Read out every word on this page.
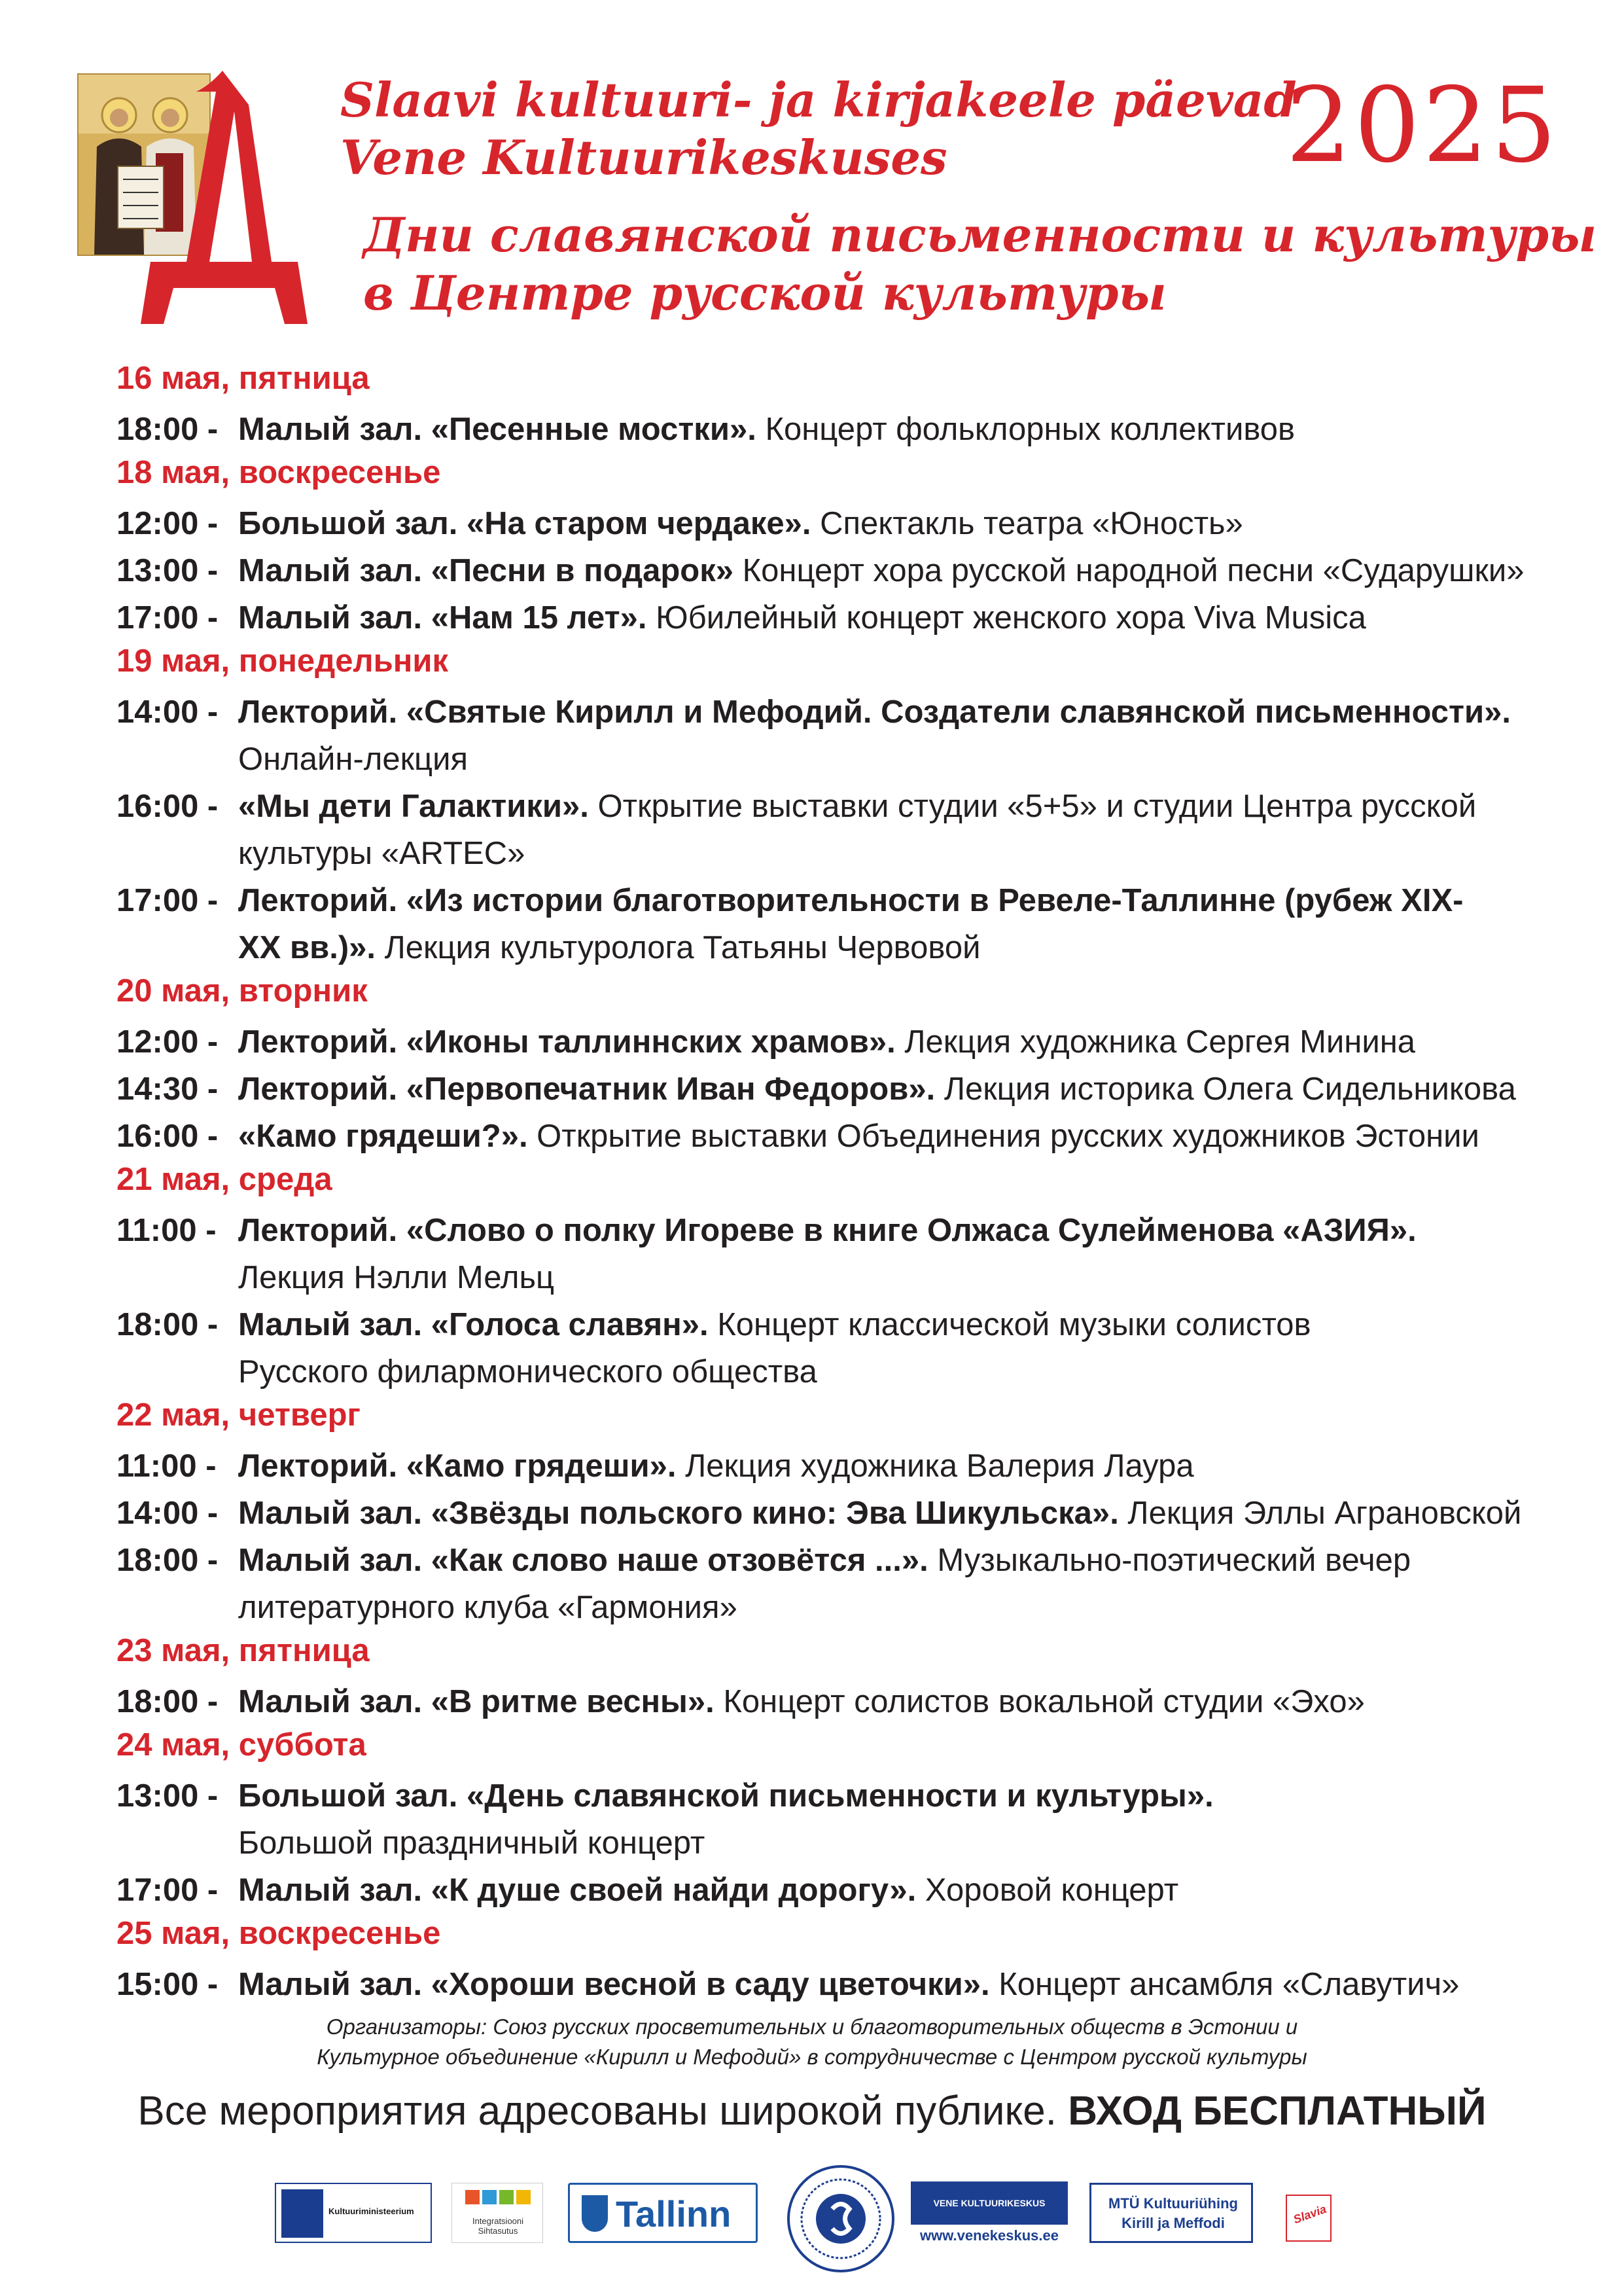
Slaavi kultuuri- ja kirjakeele päevad
Vene Kultuurikeskuses
Дни славянской письменности и культуры
в Центре русской культуры
2025
16 мая, пятница
18:00 -Малый зал. «Песенные мостки». Концерт фольклорных коллективов
18 мая, воскресенье
12:00 -Большой зал. «На старом чердаке». Спектакль театра «Юность»
13:00 -Малый зал. «Песни в подарок» Концерт хора русской народной песни «Сударушки»
17:00 -Малый зал. «Нам 15 лет». Юбилейный концерт женского хора Viva Musica
19 мая, понедельник
14:00 -Лекторий. «Святые Кирилл и Мефодий. Создатели славянской письменности».
Онлайн-лекция
16:00 -«Мы дети Галактики». Открытие выставки студии «5+5» и студии Центра русской
культуры «ARTEC»
17:00 -Лекторий. «Из истории благотворительности в Ревеле-Таллинне (рубеж XIX-
XX вв.)». Лекция культуролога Татьяны Червовой
20 мая, вторник
12:00 -Лекторий. «Иконы таллиннских храмов». Лекция художника Сергея Минина
14:30 -Лекторий. «Первопечатник Иван Федоров». Лекция историка Олега Сидельникова
16:00 -«Камо грядеши?». Открытие выставки Объединения русских художников Эстонии
21 мая, среда
11:00 -Лекторий. «Слово о полку Игореве в книге Олжаса Сулейменова «АЗИЯ».
Лекция Нэлли Мельц
18:00 -Малый зал. «Голоса славян». Концерт классической музыки солистов
Русского филармонического общества
22 мая, четверг
11:00 -Лекторий. «Камо грядеши». Лекция художника Валерия Лаура
14:00 -Малый зал. «Звёзды польского кино: Эва Шикульска». Лекция Эллы Аграновской
18:00 -Малый зал. «Как слово наше отзовётся ...». Музыкально-поэтический вечер
литературного клуба «Гармония»
23 мая, пятница
18:00 -Малый зал. «В ритме весны». Концерт солистов вокальной студии «Эхо»
24 мая, суббота
13:00 -Большой зал. «День славянской письменности и культуры».
Большой праздничный концерт
17:00 -Малый зал. «К душе своей найди дорогу». Хоровой концерт
25 мая, воскресенье
15:00 -Малый зал. «Хороши весной в саду цветочки». Концерт ансамбля «Славутич»
Организаторы: Союз русских просветительных и благотворительных обществ в Эстонии и
Культурное объединение «Кирилл и Мефодий» в сотрудничестве с Центром русской культуры
Все мероприятия адресованы широкой публике. ВХОД БЕСПЛАТНЫЙ
Kultuuriministeerium
Integratsiooni
Sihtasutus	Tallinn	VENE KULTUURIKESKUS
www.venekeskus.ee
MTÜ Kultuuriühing
Kirill ja Meffodi	Slavia
